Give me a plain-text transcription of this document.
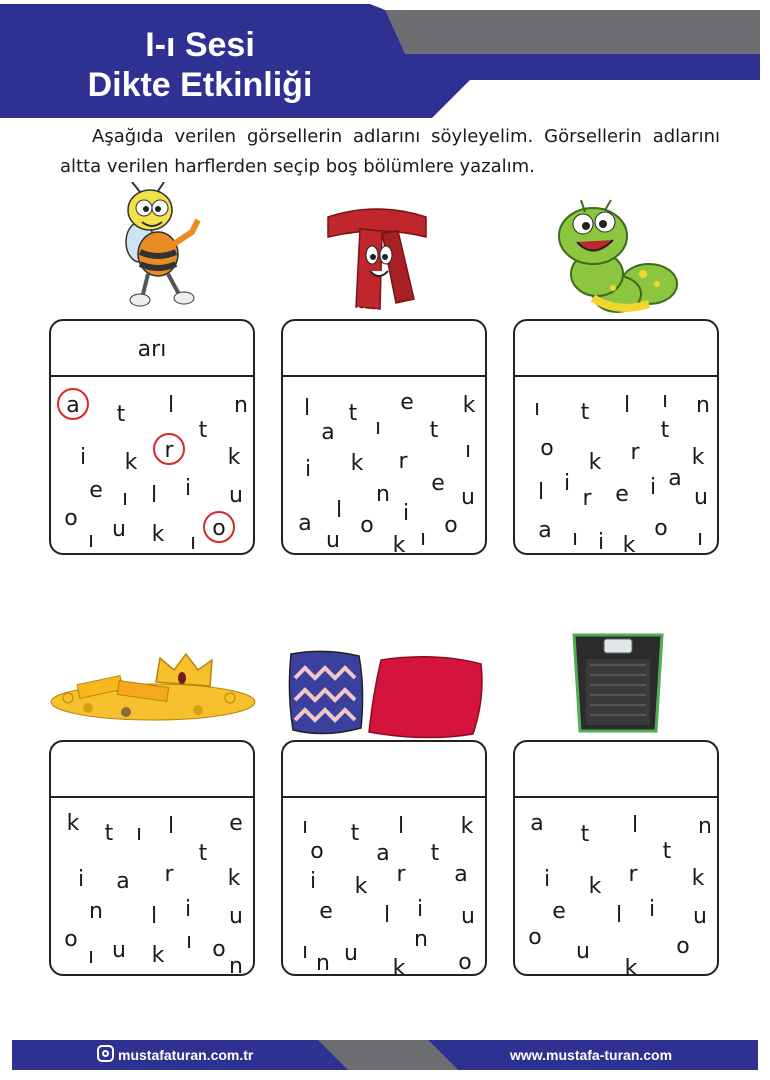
I-ı Sesi
Dikte Etkinliği
Aşağıda verilen görsellerin adlarını söyleyelim. Görsellerin adlarını altta verilen harflerden seçip boş bölümlere yazalım.
arı
a	t	l	n
t
i	k	r	k
e ı	l	i	u
o u k	ı
o
ı
l	t	e k
a	ı	t
i	k	r	ı
e
n	u
a
l
o	i	o
u k ı
ı	t	l	ı	n
t
o
k	r	k
l i
r	e i a
u
a ı i k
o	ı
k	t	ı	l	e
t
i	a	r	k
n	l	i	u
o
ı	o
ı
u k	n
ı	t	l	k
o a	t
i	k	r	a
e	l	i	u
ı n u
n
k o
a	t	l	n
t
i	k	r	k
e	l	i	u
o
u	o
k
mustafaturan.com.tr	www.mustafa-turan.com
